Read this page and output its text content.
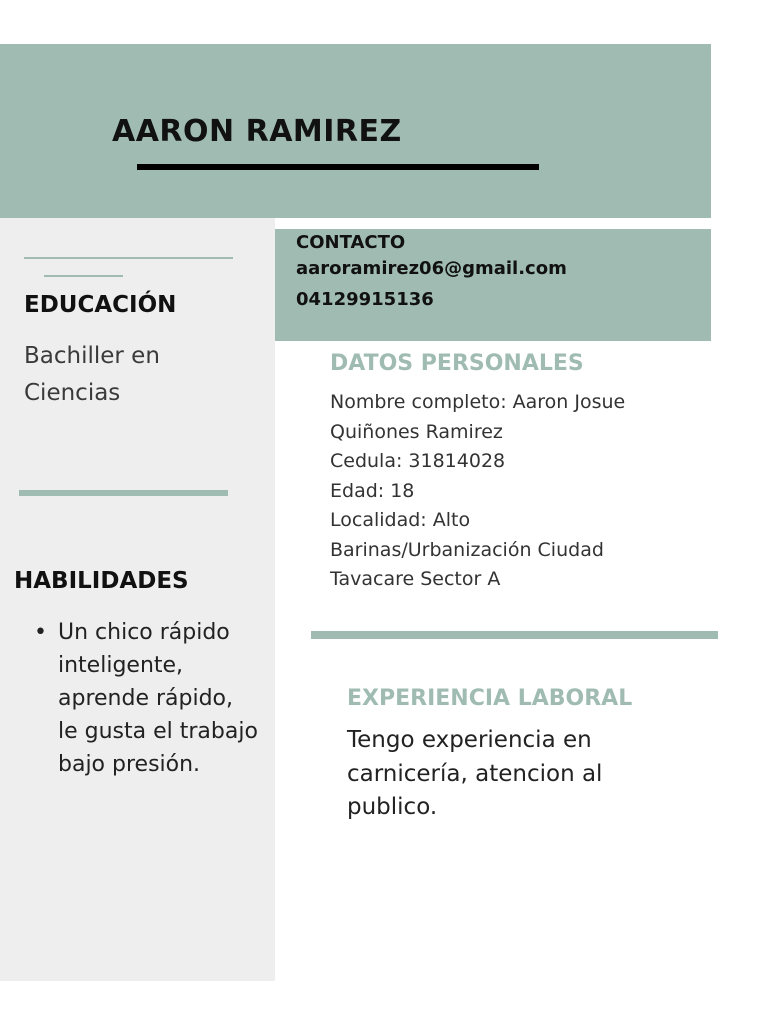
AARON RAMIREZ
EDUCACIÓN
Bachiller en Ciencias
HABILIDADES
• Un chico rápido inteligente, aprende rápido, le gusta el trabajo bajo presión.
CONTACTO
aaroramirez06@gmail.com
04129915136
DATOS PERSONALES
Nombre completo: Aaron Josue
Quiñones Ramirez
Cedula: 31814028
Edad: 18
Localidad: Alto
Barinas/Urbanización Ciudad
Tavacare Sector A
EXPERIENCIA LABORAL
Tengo experiencia en carnicería, atencion al publico.
